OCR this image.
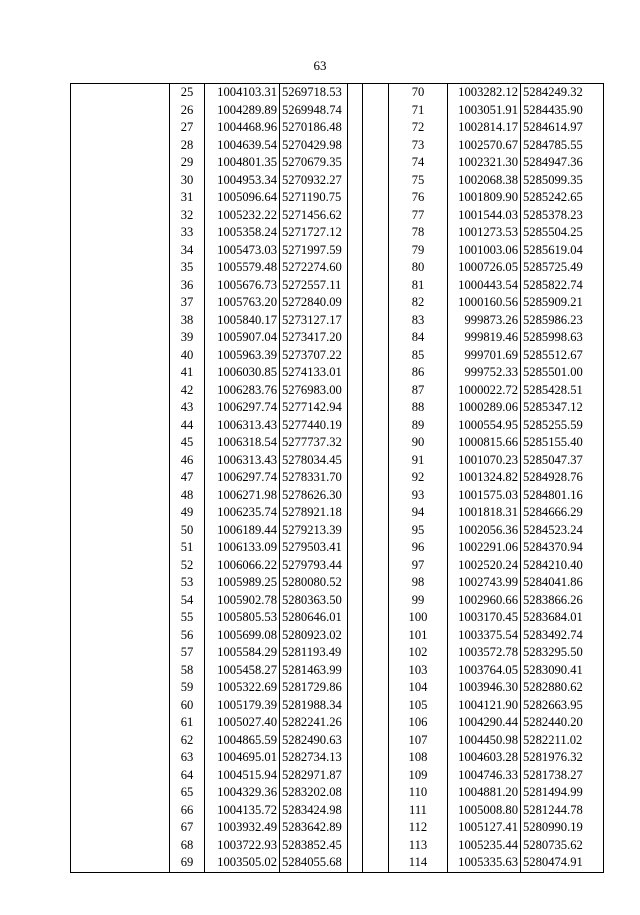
63
	25	1004103.31	5269718.53
	26	1004289.89	5269948.74
	27	1004468.96	5270186.48
	28	1004639.54	5270429.98
	29	1004801.35	5270679.35
	30	1004953.34	5270932.27
	31	1005096.64	5271190.75
	32	1005232.22	5271456.62
	33	1005358.24	5271727.12
	34	1005473.03	5271997.59
	35	1005579.48	5272274.60
	36	1005676.73	5272557.11
	37	1005763.20	5272840.09
	38	1005840.17	5273127.17
	39	1005907.04	5273417.20
	40	1005963.39	5273707.22
	41	1006030.85	5274133.01
	42	1006283.76	5276983.00
	43	1006297.74	5277142.94
	44	1006313.43	5277440.19
	45	1006318.54	5277737.32
	46	1006313.43	5278034.45
	47	1006297.74	5278331.70
	48	1006271.98	5278626.30
	49	1006235.74	5278921.18
	50	1006189.44	5279213.39
	51	1006133.09	5279503.41
	52	1006066.22	5279793.44
	53	1005989.25	5280080.52
	54	1005902.78	5280363.50
	55	1005805.53	5280646.01
	56	1005699.08	5280923.02
	57	1005584.29	5281193.49
	58	1005458.27	5281463.99
	59	1005322.69	5281729.86
	60	1005179.39	5281988.34
	61	1005027.40	5282241.26
	62	1004865.59	5282490.63
	63	1004695.01	5282734.13
	64	1004515.94	5282971.87
	65	1004329.36	5283202.08
	66	1004135.72	5283424.98
	67	1003932.49	5283642.89
	68	1003722.93	5283852.45
	69	1003505.02	5284055.68
	70	1003282.12	5284249.32
	71	1003051.91	5284435.90
	72	1002814.17	5284614.97
	73	1002570.67	5284785.55
	74	1002321.30	5284947.36
	75	1002068.38	5285099.35
	76	1001809.90	5285242.65
	77	1001544.03	5285378.23
	78	1001273.53	5285504.25
	79	1001003.06	5285619.04
	80	1000726.05	5285725.49
	81	1000443.54	5285822.74
	82	1000160.56	5285909.21
	83	999873.26	5285986.23
	84	999819.46	5285998.63
	85	999701.69	5285512.67
	86	999752.33	5285501.00
	87	1000022.72	5285428.51
	88	1000289.06	5285347.12
	89	1000554.95	5285255.59
	90	1000815.66	5285155.40
	91	1001070.23	5285047.37
	92	1001324.82	5284928.76
	93	1001575.03	5284801.16
	94	1001818.31	5284666.29
	95	1002056.36	5284523.24
	96	1002291.06	5284370.94
	97	1002520.24	5284210.40
	98	1002743.99	5284041.86
	99	1002960.66	5283866.26
	100	1003170.45	5283684.01
	101	1003375.54	5283492.74
	102	1003572.78	5283295.50
	103	1003764.05	5283090.41
	104	1003946.30	5282880.62
	105	1004121.90	5282663.95
	106	1004290.44	5282440.20
	107	1004450.98	5282211.02
	108	1004603.28	5281976.32
	109	1004746.33	5281738.27
	110	1004881.20	5281494.99
	111	1005008.80	5281244.78
	112	1005127.41	5280990.19
	113	1005235.44	5280735.62
	114	1005335.63	5280474.91
